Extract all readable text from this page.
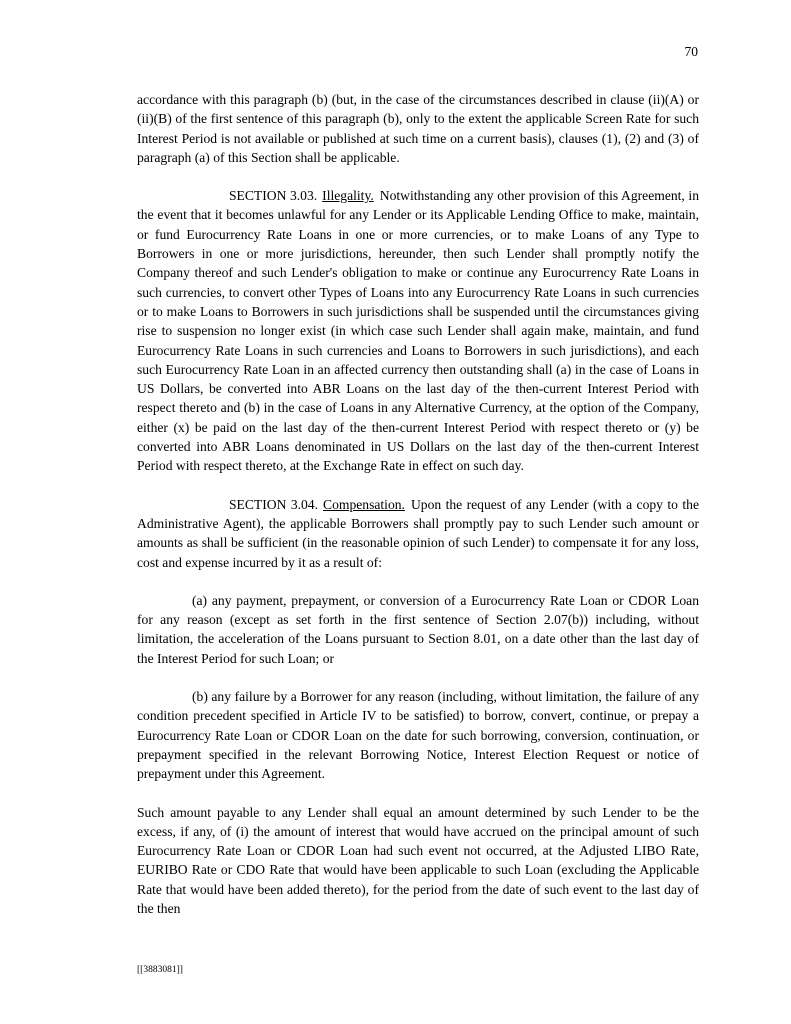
70

accordance with this paragraph (b) (but, in the case of the circumstances described in clause (ii)(A) or (ii)(B) of the first sentence of this paragraph (b), only to the extent the applicable Screen Rate for such Interest Period is not available or published at such time on a current basis), clauses (1), (2) and (3) of paragraph (a) of this Section shall be applicable.

SECTION 3.03. Illegality. Notwithstanding any other provision of this Agreement, in the event that it becomes unlawful for any Lender or its Applicable Lending Office to make, maintain, or fund Eurocurrency Rate Loans in one or more currencies, or to make Loans of any Type to Borrowers in one or more jurisdictions, hereunder, then such Lender shall promptly notify the Company thereof and such Lender's obligation to make or continue any Eurocurrency Rate Loans in such currencies, to convert other Types of Loans into any Eurocurrency Rate Loans in such currencies or to make Loans to Borrowers in such jurisdictions shall be suspended until the circumstances giving rise to suspension no longer exist (in which case such Lender shall again make, maintain, and fund Eurocurrency Rate Loans in such currencies and Loans to Borrowers in such jurisdictions), and each such Eurocurrency Rate Loan in an affected currency then outstanding shall (a) in the case of Loans in US Dollars, be converted into ABR Loans on the last day of the then-current Interest Period with respect thereto and (b) in the case of Loans in any Alternative Currency, at the option of the Company, either (x) be paid on the last day of the then-current Interest Period with respect thereto or (y) be converted into ABR Loans denominated in US Dollars on the last day of the then-current Interest Period with respect thereto, at the Exchange Rate in effect on such day.

SECTION 3.04. Compensation. Upon the request of any Lender (with a copy to the Administrative Agent), the applicable Borrowers shall promptly pay to such Lender such amount or amounts as shall be sufficient (in the reasonable opinion of such Lender) to compensate it for any loss, cost and expense incurred by it as a result of:

(a) any payment, prepayment, or conversion of a Eurocurrency Rate Loan or CDOR Loan for any reason (except as set forth in the first sentence of Section 2.07(b)) including, without limitation, the acceleration of the Loans pursuant to Section 8.01, on a date other than the last day of the Interest Period for such Loan; or

(b) any failure by a Borrower for any reason (including, without limitation, the failure of any condition precedent specified in Article IV to be satisfied) to borrow, convert, continue, or prepay a Eurocurrency Rate Loan or CDOR Loan on the date for such borrowing, conversion, continuation, or prepayment specified in the relevant Borrowing Notice, Interest Election Request or notice of prepayment under this Agreement.

Such amount payable to any Lender shall equal an amount determined by such Lender to be the excess, if any, of (i) the amount of interest that would have accrued on the principal amount of such Eurocurrency Rate Loan or CDOR Loan had such event not occurred, at the Adjusted LIBO Rate, EURIBO Rate or CDO Rate that would have been applicable to such Loan (excluding the Applicable Rate that would have been added thereto), for the period from the date of such event to the last day of the then

[[3883081]]
